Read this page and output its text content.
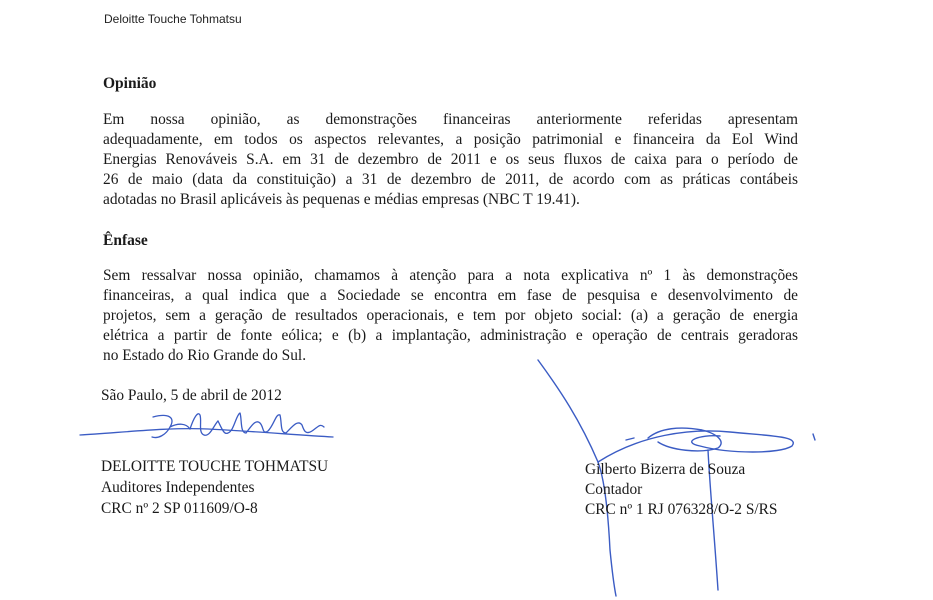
Deloitte Touche Tohmatsu
Opinião
Em nossa opinião, as demonstrações financeiras anteriormente referidas apresentam
adequadamente, em todos os aspectos relevantes, a posição patrimonial e financeira da Eol Wind
Energias Renováveis S.A. em 31 de dezembro de 2011 e os seus fluxos de caixa para o período de
26 de maio (data da constituição) a 31 de dezembro de 2011, de acordo com as práticas contábeis
adotadas no Brasil aplicáveis às pequenas e médias empresas (NBC T 19.41).
Ênfase
Sem ressalvar nossa opinião, chamamos à atenção para a nota explicativa nº 1 às demonstrações
financeiras, a qual indica que a Sociedade se encontra em fase de pesquisa e desenvolvimento de
projetos, sem a geração de resultados operacionais, e tem por objeto social: (a) a geração de energia
elétrica a partir de fonte eólica; e (b) a implantação, administração e operação de centrais geradoras
no Estado do Rio Grande do Sul.
São Paulo, 5 de abril de 2012
DELOITTE TOUCHE TOHMATSU
Auditores Independentes
CRC nº 2 SP 011609/O-8
Gilberto Bizerra de Souza
Contador
CRC nº 1 RJ 076328/O-2 S/RS
